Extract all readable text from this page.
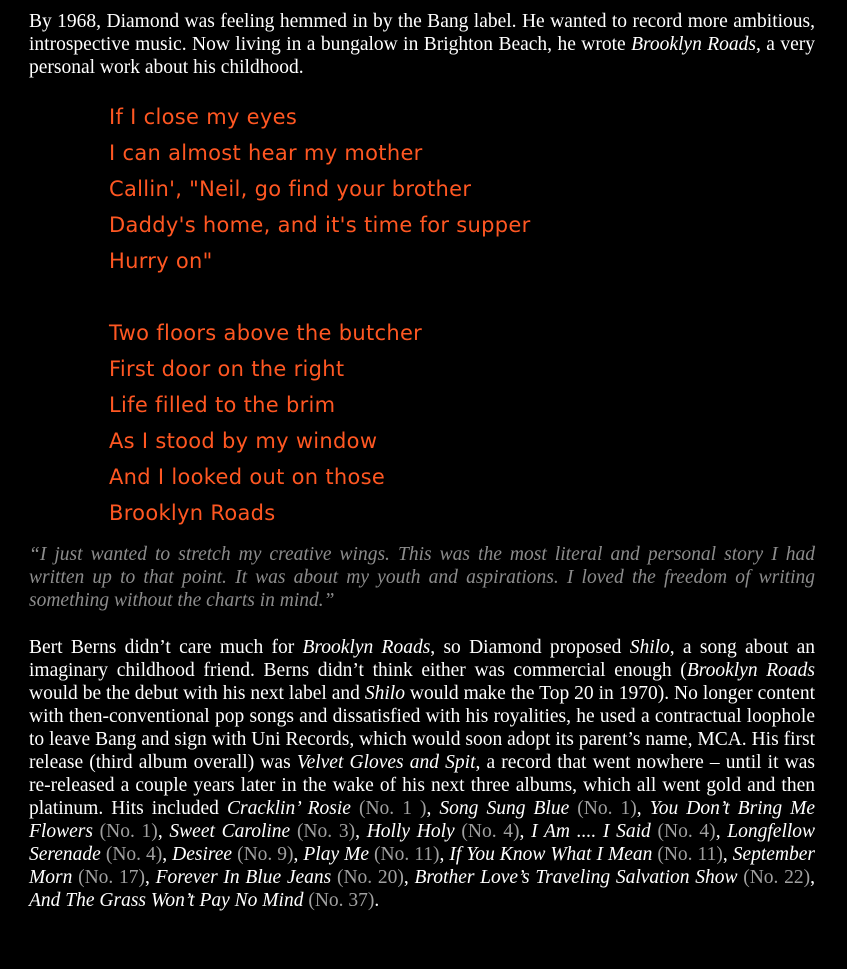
By 1968, Diamond was feeling hemmed in by the Bang label. He wanted to record more ambitious, introspective music. Now living in a bungalow in Brighton Beach, he wrote Brooklyn Roads, a very personal work about his childhood.

If I close my eyes
I can almost hear my mother
Callin', "Neil, go find your brother
Daddy's home, and it's time for supper
Hurry on"
Two floors above the butcher
First door on the right
Life filled to the brim
As I stood by my window
And I looked out on those
Brooklyn Roads

“I just wanted to stretch my creative wings. This was the most literal and personal story I had written up to that point. It was about my youth and aspirations. I loved the freedom of writing something without the charts in mind.”

Bert Berns didn’t care much for Brooklyn Roads, so Diamond proposed Shilo, a song about an imaginary childhood friend. Berns didn’t think either was commercial enough (Brooklyn Roads would be the debut with his next label and Shilo would make the Top 20 in 1970). No longer content with then-conventional pop songs and dissatisfied with his royalities, he used a contractual loophole to leave Bang and sign with Uni Records, which would soon adopt its parent’s name, MCA. His first release (third album overall) was Velvet Gloves and Spit, a record that went nowhere – until it was re-released a couple years later in the wake of his next three albums, which all went gold and then platinum. Hits included Cracklin’ Rosie (No. 1 ), Song Sung Blue (No. 1), You Don’t Bring Me Flowers (No. 1), Sweet Caroline (No. 3), Holly Holy (No. 4), I Am .... I Said (No. 4), Longfellow Serenade (No. 4), Desiree (No. 9), Play Me (No. 11), If You Know What I Mean (No. 11), September Morn (No. 17), Forever In Blue Jeans (No. 20), Brother Love’s Traveling Salvation Show (No. 22), And The Grass Won’t Pay No Mind (No. 37).
